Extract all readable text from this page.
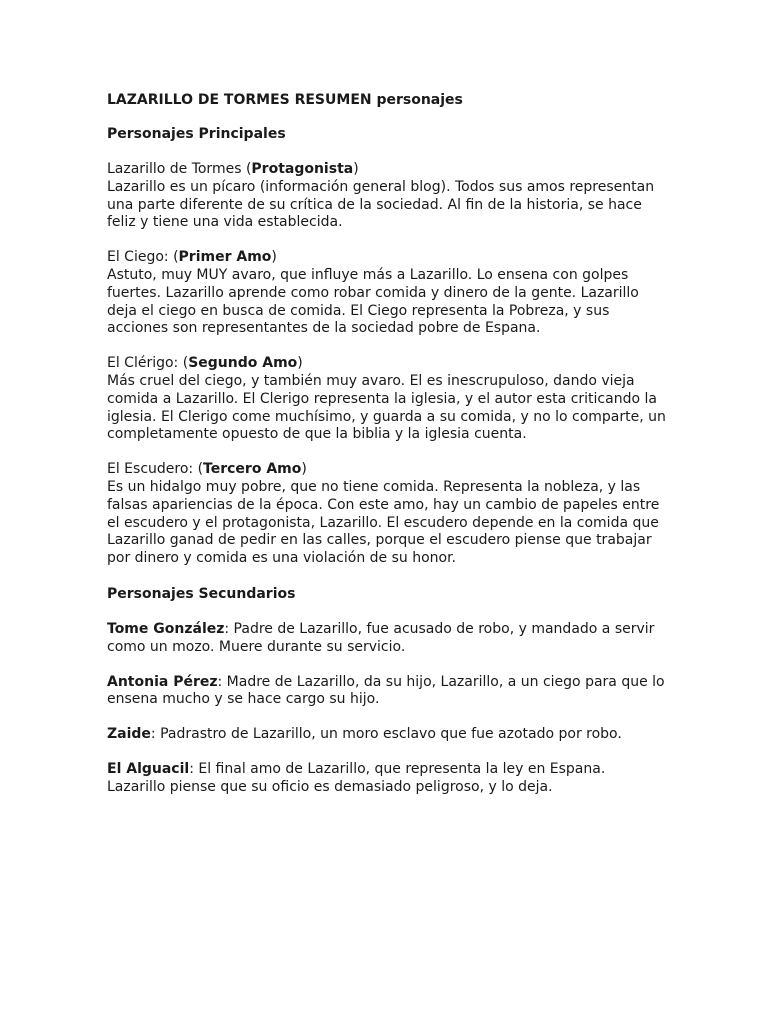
LAZARILLO DE TORMES RESUMEN personajes
Personajes Principales

Lazarillo de Tormes (Protagonista)

Lazarillo es un pícaro (información general blog). Todos sus amos representan una parte diferente de su crítica de la sociedad. Al fin de la historia, se hace feliz y tiene una vida establecida.

El Ciego: (Primer Amo)

Astuto, muy MUY avaro, que influye más a Lazarillo. Lo ensena con golpes fuertes. Lazarillo aprende como robar comida y dinero de la gente. Lazarillo deja el ciego en busca de comida. El Ciego representa la Pobreza, y sus acciones son representantes de la sociedad pobre de Espana.

El Clérigo: (Segundo Amo)

Más cruel del ciego, y también muy avaro. El es inescrupuloso, dando vieja comida a Lazarillo. El Clerigo representa la iglesia, y el autor esta criticando la iglesia. El Clerigo come muchísimo, y guarda a su comida, y no lo comparte, un completamente opuesto de que la biblia y la iglesia cuenta.

El Escudero: (Tercero Amo)

Es un hidalgo muy pobre, que no tiene comida. Representa la nobleza, y las falsas apariencias de la época. Con este amo, hay un cambio de papeles entre el escudero y el protagonista, Lazarillo. El escudero depende en la comida que Lazarillo ganad de pedir en las calles, porque el escudero piense que trabajar por dinero y comida es una violación de su honor.

Personajes Secundarios

Tome González: Padre de Lazarillo, fue acusado de robo, y mandado a servir como un mozo. Muere durante su servicio.

Antonia Pérez: Madre de Lazarillo, da su hijo, Lazarillo, a un ciego para que lo ensena mucho y se hace cargo su hijo.

Zaide: Padrastro de Lazarillo, un moro esclavo que fue azotado por robo.

El Alguacil: El final amo de Lazarillo, que representa la ley en Espana. Lazarillo piense que su oficio es demasiado peligroso, y lo deja.
